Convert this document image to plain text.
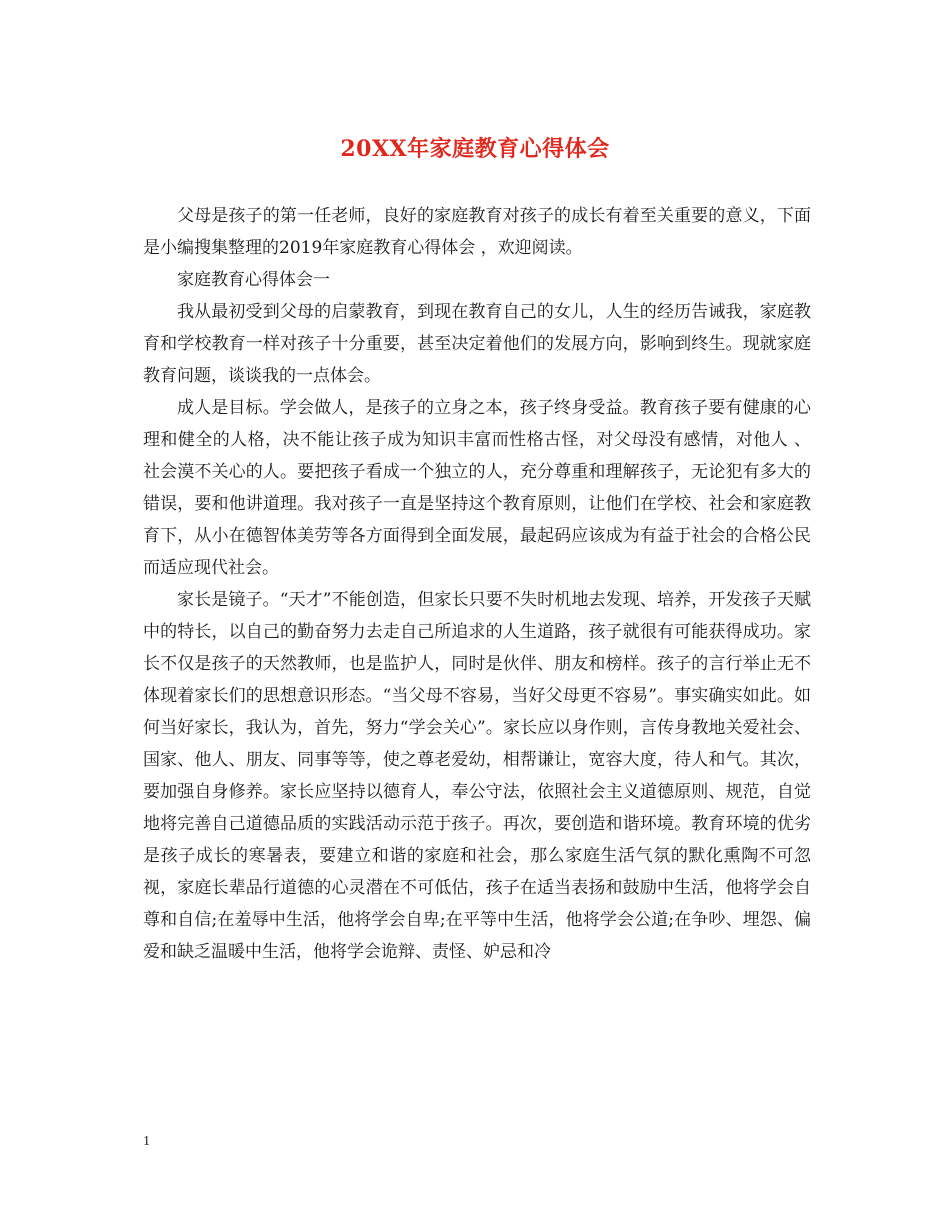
20XX年家庭教育心得体会

父母是孩子的第一任老师，良好的家庭教育对孩子的成长有着至关重要的意义，下面是小编搜集整理的2019年家庭教育心得体会 ，欢迎阅读。

家庭教育心得体会一

我从最初受到父母的启蒙教育，到现在教育自己的女儿，人生的经历告诫我，家庭教育和学校教育一样对孩子十分重要，甚至决定着他们的发展方向，影响到终生。现就家庭教育问题，谈谈我的一点体会。

成人是目标。学会做人，是孩子的立身之本，孩子终身受益。教育孩子要有健康的心理和健全的人格，决不能让孩子成为知识丰富而性格古怪，对父母没有感情，对他人 、社会漠不关心的人。要把孩子看成一个独立的人，充分尊重和理解孩子，无论犯有多大的错误，要和他讲道理。我对孩子一直是坚持这个教育原则，让他们在学校、社会和家庭教育下，从小在德智体美劳等各方面得到全面发展，最起码应该成为有益于社会的合格公民而适应现代社会。

家长是镜子。“天才”不能创造，但家长只要不失时机地去发现、培养，开发孩子天赋中的特长，以自己的勤奋努力去走自己所追求的人生道路，孩子就很有可能获得成功。家长不仅是孩子的天然教师，也是监护人，同时是伙伴、朋友和榜样。孩子的言行举止无不体现着家长们的思想意识形态。“当父母不容易，当好父母更不容易”。事实确实如此。如何当好家长，我认为，首先，努力“学会关心”。家长应以身作则，言传身教地关爱社会、国家、他人、朋友、同事等等，使之尊老爱幼，相帮谦让，宽容大度，待人和气。其次，要加强自身修养。家长应坚持以德育人，奉公守法，依照社会主义道德原则、规范，自觉地将完善自己道德品质的实践活动示范于孩子。再次，要创造和谐环境。教育环境的优劣是孩子成长的寒暑表，要建立和谐的家庭和社会，那么家庭生活气氛的默化熏陶不可忽视，家庭长辈品行道德的心灵潜在不可低估，孩子在适当表扬和鼓励中生活，他将学会自尊和自信;在羞辱中生活，他将学会自卑;在平等中生活，他将学会公道;在争吵、埋怨、偏爱和缺乏温暖中生活，他将学会诡辩、责怪、妒忌和冷

1
